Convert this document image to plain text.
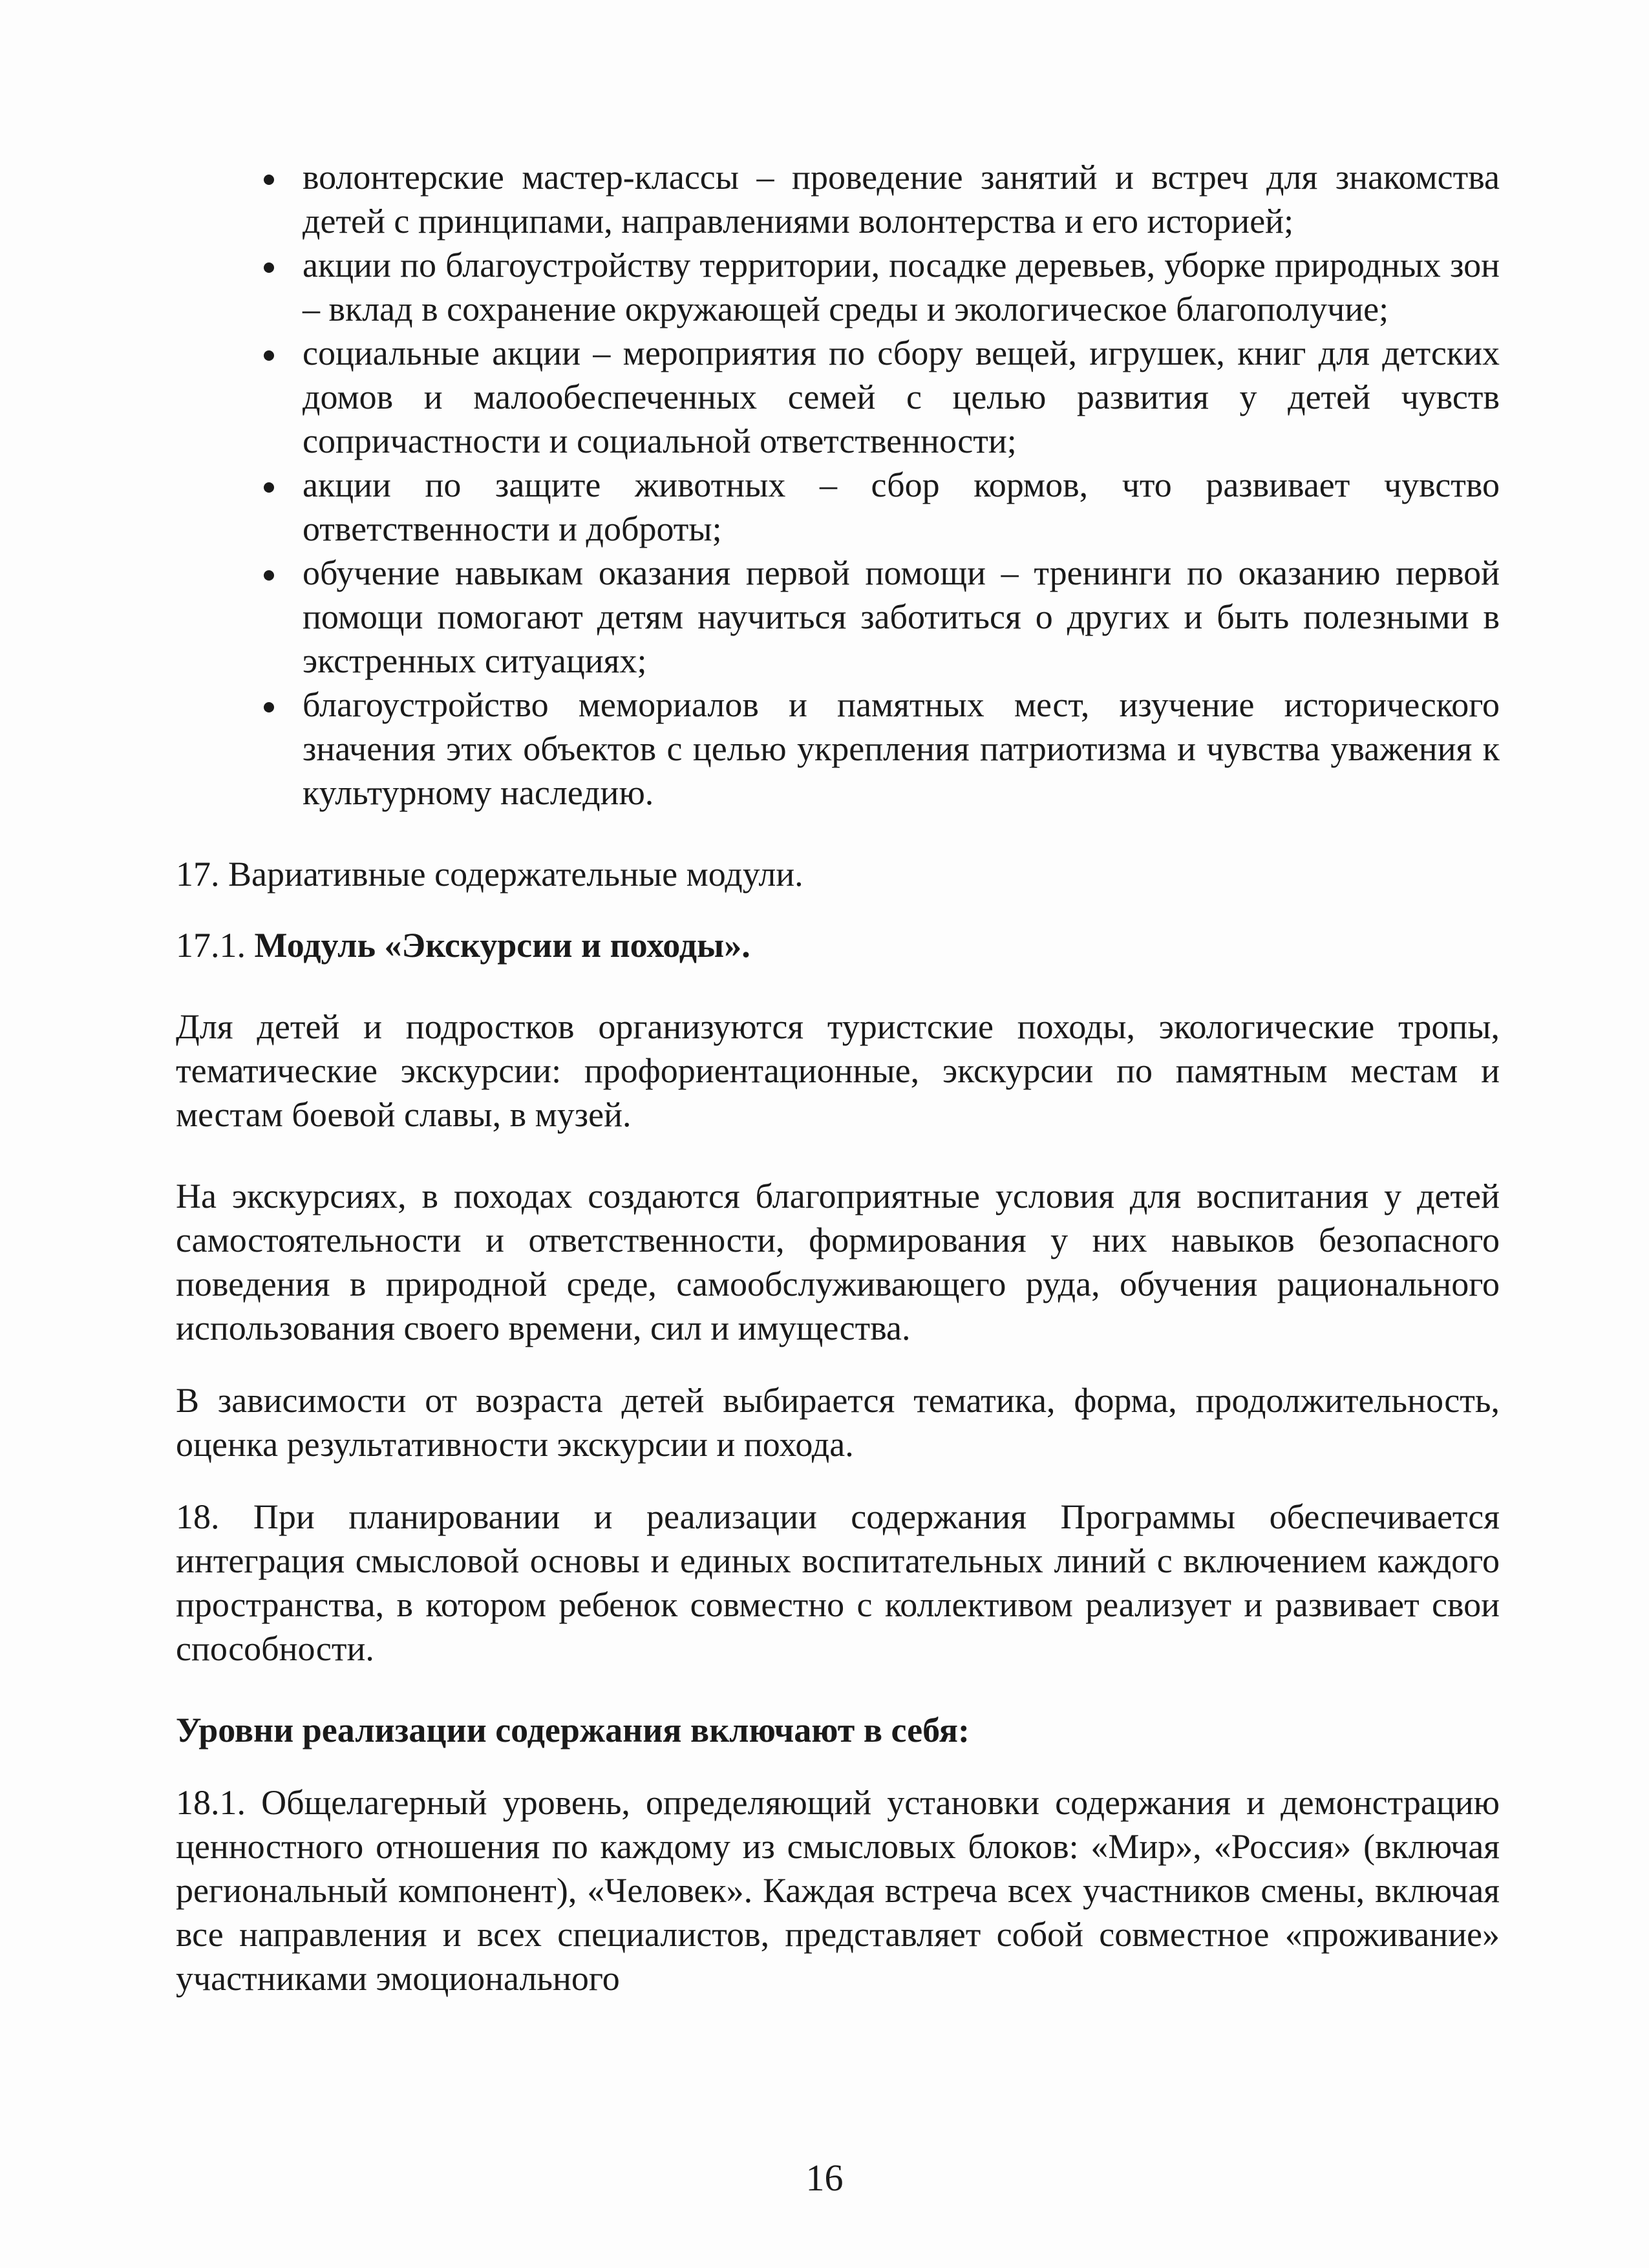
волонтерские мастер-классы – проведение занятий и встреч для знакомства детей с принципами, направлениями волонтерства и его историей;
акции по благоустройству территории, посадке деревьев, уборке природных зон – вклад в сохранение окружающей среды и экологическое благополучие;
социальные акции – мероприятия по сбору вещей, игрушек, книг для детских домов и малообеспеченных семей с целью развития у детей чувств сопричастности и социальной ответственности;
акции по защите животных – сбор кормов, что развивает чувство ответственности и доброты;
обучение навыкам оказания первой помощи – тренинги по оказанию первой помощи помогают детям научиться заботиться о других и быть полезными в экстренных ситуациях;
благоустройство мемориалов и памятных мест, изучение исторического значения этих объектов с целью укрепления патриотизма и чувства уважения к культурному наследию.

17. Вариативные содержательные модули.

17.1. Модуль «Экскурсии и походы».

Для детей и подростков организуются туристские походы, экологические тропы, тематические экскурсии: профориентационные, экскурсии по памятным местам и местам боевой славы, в музей.

На экскурсиях, в походах создаются благоприятные условия для воспитания у детей самостоятельности и ответственности, формирования у них навыков безопасного поведения в природной среде, самообслуживающего руда, обучения рационального использования своего времени, сил и имущества.

В зависимости от возраста детей выбирается тематика, форма, продолжительность, оценка результативности экскурсии и похода.

18. При планировании и реализации содержания Программы обеспечивается интеграция смысловой основы и единых воспитательных линий с включением каждого пространства, в котором ребенок совместно с коллективом реализует и развивает свои способности.

Уровни реализации содержания включают в себя:

18.1. Общелагерный уровень, определяющий установки содержания и демонстрацию ценностного отношения по каждому из смысловых блоков: «Мир», «Россия» (включая региональный компонент), «Человек». Каждая встреча всех участников смены, включая все направления и всех специалистов, представляет собой совместное «проживание» участниками эмоционального

16
